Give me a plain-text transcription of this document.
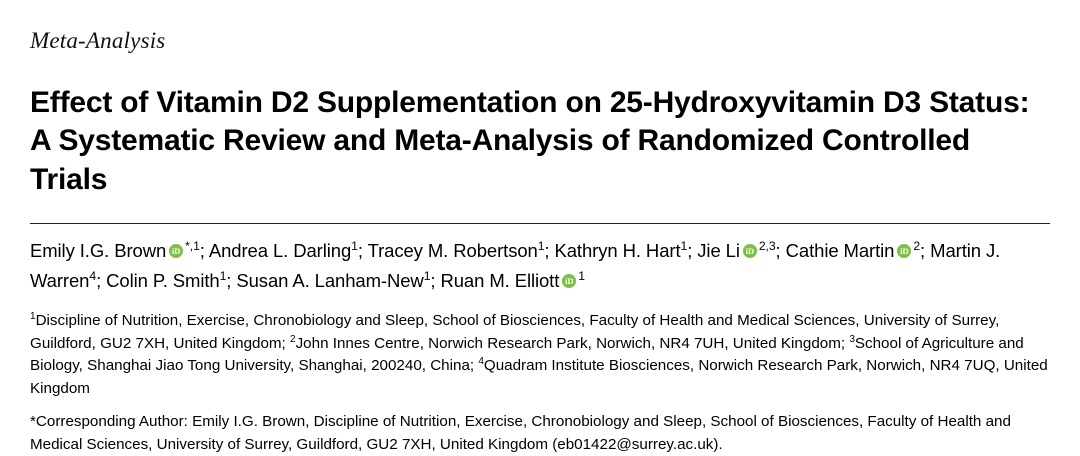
Meta-Analysis
Effect of Vitamin D2 Supplementation on 25-Hydroxyvitamin D3 Status: A Systematic Review and Meta-Analysis of Randomized Controlled Trials
Emily I.G. Brown iD $^{*,1}$; Andrea L. Darling$^1$; Tracey M. Robertson$^1$; Kathryn H. Hart$^1$; Jie Li iD $^{2,3}$; Cathie MartiniD $^2$; Martin J. Warren$^4$; Colin P. Smith$^1$; Susan A. Lanham-New$^1$; Ruan M. Elliott iD $^1$
$^1$Discipline of Nutrition, Exercise, Chronobiology and Sleep, School of Biosciences, Faculty of Health and Medical Sciences, University of Surrey, Guildford, GU2 7XH, United Kingdom; $^2$John Innes Centre, Norwich Research Park, Norwich, NR4 7UH, United Kingdom; $^3$School of Agriculture and Biology, Shanghai Jiao Tong University, Shanghai, 200240, China; $^4$Quadram Institute Biosciences, Norwich Research Park, Norwich, NR4 7UQ, United Kingdom
*Corresponding Author: Emily I.G. Brown, Discipline of Nutrition, Exercise, Chronobiology and Sleep, School of Biosciences, Faculty of Health and Medical Sciences, University of Surrey, Guildford, GU2 7XH, United Kingdom (eb01422@surrey.ac.uk).
